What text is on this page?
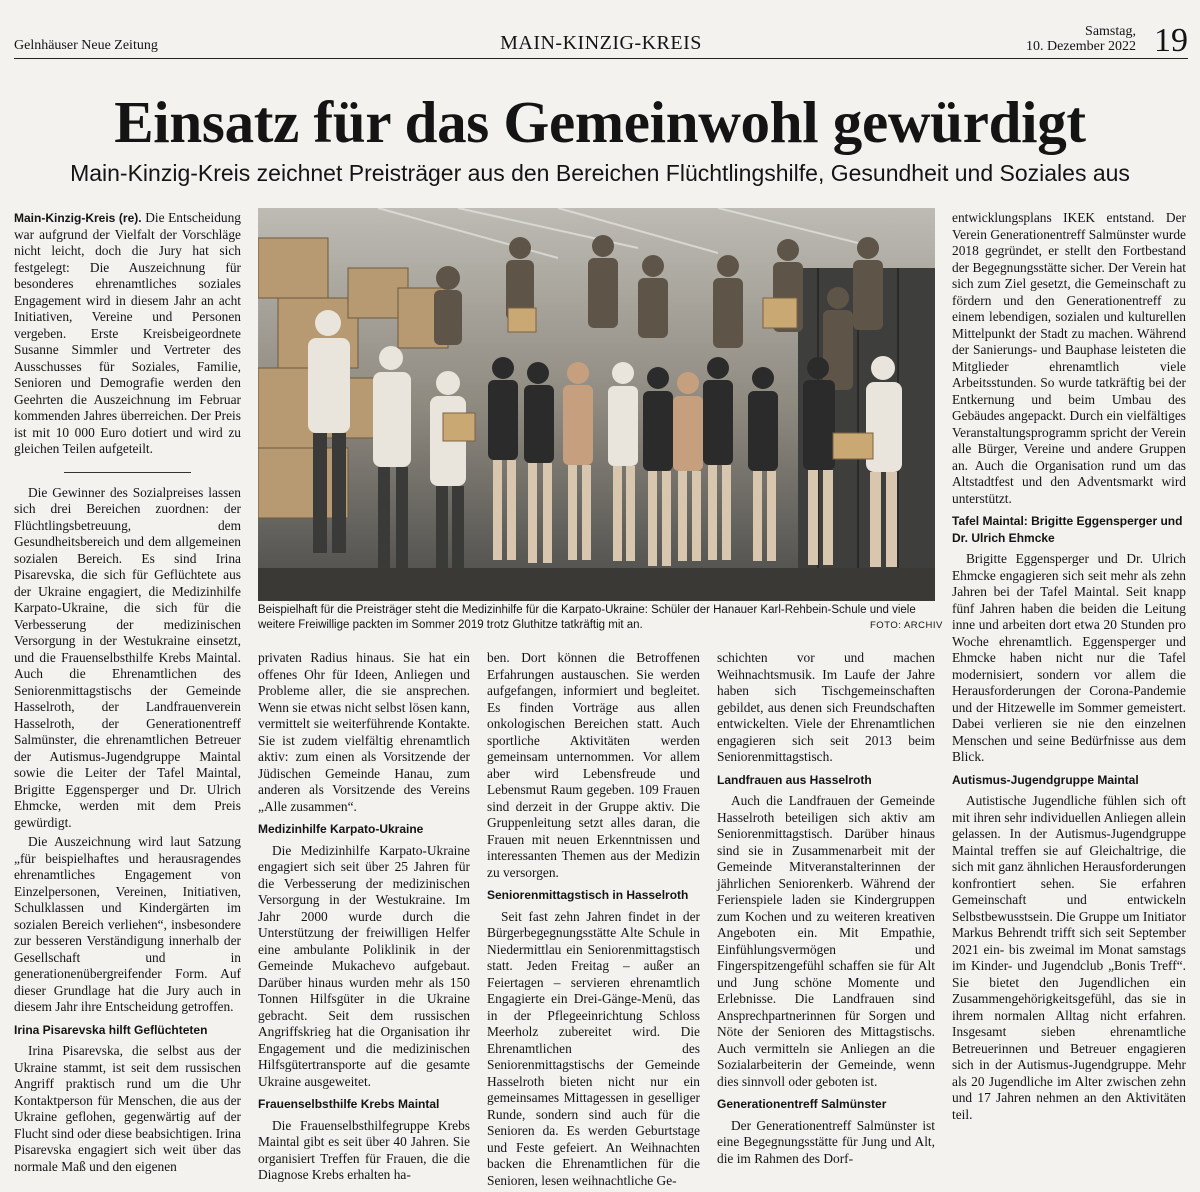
Gelnhäuser Neue Zeitung	MAIN-KINZIG-KREIS
Samstag,
10. Dezember 2022 19
Einsatz für das Gemeinwohl gewürdigt
Main-Kinzig-Kreis zeichnet Preisträger aus den Bereichen Flüchtlingshilfe, Gesundheit und Soziales aus

Main-Kinzig-Kreis (re). Die Entscheidung war aufgrund der Vielfalt der Vorschläge nicht leicht, doch die Jury hat sich festgelegt: Die Auszeichnung für besonderes ehrenamtliches soziales Engagement wird in diesem Jahr an acht Initiativen, Vereine und Personen vergeben. Erste Kreisbeigeordnete Susanne Simmler und Vertreter des Ausschusses für Soziales, Familie, Senioren und Demografie werden den Geehrten die Auszeichnung im Februar kommenden Jahres überreichen. Der Preis ist mit 10 000 Euro dotiert und wird zu gleichen Teilen aufgeteilt.

Die Gewinner des Sozialpreises lassen sich drei Bereichen zuordnen: der Flüchtlingsbetreuung, dem Gesundheitsbereich und dem allgemeinen sozialen Bereich. Es sind Irina Pisarevska, die sich für Geflüchtete aus der Ukraine engagiert, die Medizinhilfe Karpato-Ukraine, die sich für die Verbesserung der medizinischen Versorgung in der Westukraine einsetzt, und die Frauenselbsthilfe Krebs Maintal. Auch die Ehrenamtlichen des Seniorenmittagstischs der Gemeinde Hasselroth, der Landfrauenverein Hasselroth, der Generationentreff Salmünster, die ehrenamtlichen Betreuer der Autismus-Jugendgruppe Maintal sowie die Leiter der Tafel Maintal, Brigitte Eggensperger und Dr. Ulrich Ehmcke, werden mit dem Preis gewürdigt.

Die Auszeichnung wird laut Satzung „für beispielhaftes und herausragendes ehrenamtliches Engagement von Einzelpersonen, Vereinen, Initiativen, Schulklassen und Kindergärten im sozialen Bereich verliehen“, insbesondere zur besseren Verständigung innerhalb der Gesellschaft und in generationenübergreifender Form. Auf dieser Grundlage hat die Jury auch in diesem Jahr ihre Entscheidung getroffen.

Irina Pisarevska hilft Geflüchteten

Irina Pisarevska, die selbst aus der Ukraine stammt, ist seit dem russischen Angriff praktisch rund um die Uhr Kontaktperson für Menschen, die aus der Ukraine geflohen, gegenwärtig auf der Flucht sind oder diese beabsichtigen. Irina Pisarevska engagiert sich weit über das normale Maß und den eigenen

Beispielhaft für die Preisträger steht die Medizinhilfe für die Karpato-Ukraine: Schüler der Hanauer Karl-Rehbein-Schule und viele weitere Freiwillige packten im Sommer 2019 trotz Gluthitze tatkräftig mit an.	FOTO: ARCHIV

privaten Radius hinaus. Sie hat ein offenes Ohr für Ideen, Anliegen und Probleme aller, die sie ansprechen. Wenn sie etwas nicht selbst lösen kann, vermittelt sie weiterführende Kontakte. Sie ist zudem vielfältig ehrenamtlich aktiv: zum einen als Vorsitzende der Jüdischen Gemeinde Hanau, zum anderen als Vorsitzende des Vereins „Alle zusammen“.

Medizinhilfe Karpato-Ukraine

Die Medizinhilfe Karpato-Ukraine engagiert sich seit über 25 Jahren für die Verbesserung der medizinischen Versorgung in der Westukraine. Im Jahr 2000 wurde durch die Unterstützung der freiwilligen Helfer eine ambulante Poliklinik in der Gemeinde Mukachevo aufgebaut. Darüber hinaus wurden mehr als 150 Tonnen Hilfsgüter in die Ukraine gebracht. Seit dem russischen Angriffskrieg hat die Organisation ihr Engagement und die medizinischen Hilfsgütertransporte auf die gesamte Ukraine ausgeweitet.

Frauenselbsthilfe Krebs Maintal

Die Frauenselbsthilfegruppe Krebs Maintal gibt es seit über 40 Jahren. Sie organisiert Treffen für Frauen, die die Diagnose Krebs erhalten ha-

ben. Dort können die Betroffenen Erfahrungen austauschen. Sie werden aufgefangen, informiert und begleitet. Es finden Vorträge aus allen onkologischen Bereichen statt. Auch sportliche Aktivitäten werden gemeinsam unternommen. Vor allem aber wird Lebensfreude und Lebensmut Raum gegeben. 109 Frauen sind derzeit in der Gruppe aktiv. Die Gruppenleitung setzt alles daran, die Frauen mit neuen Erkenntnissen und interessanten Themen aus der Medizin zu versorgen.

Seniorenmittagstisch in Hasselroth

Seit fast zehn Jahren findet in der Bürgerbegegnungsstätte Alte Schule in Niedermittlau ein Seniorenmittagstisch statt. Jeden Freitag – außer an Feiertagen – servieren ehrenamtlich Engagierte ein Drei-Gänge-Menü, das in der Pflegeeinrichtung Schloss Meerholz zubereitet wird. Die Ehrenamtlichen des Seniorenmittagstischs der Gemeinde Hasselroth bieten nicht nur ein gemeinsames Mittagessen in geselliger Runde, sondern sind auch für die Senioren da. Es werden Geburtstage und Feste gefeiert. An Weihnachten backen die Ehrenamtlichen für die Senioren, lesen weihnachtliche Ge-

schichten vor und machen Weihnachtsmusik. Im Laufe der Jahre haben sich Tischgemeinschaften gebildet, aus denen sich Freundschaften entwickelten. Viele der Ehrenamtlichen engagieren sich seit 2013 beim Seniorenmittagstisch.

Landfrauen aus Hasselroth

Auch die Landfrauen der Gemeinde Hasselroth beteiligen sich aktiv am Seniorenmittagstisch. Darüber hinaus sind sie in Zusammenarbeit mit der Gemeinde Mitveranstalterinnen der jährlichen Seniorenkerb. Während der Ferienspiele laden sie Kindergruppen zum Kochen und zu weiteren kreativen Angeboten ein. Mit Empathie, Einfühlungsvermögen und Fingerspitzengefühl schaffen sie für Alt und Jung schöne Momente und Erlebnisse. Die Landfrauen sind Ansprechpartnerinnen für Sorgen und Nöte der Senioren des Mittagstischs. Auch vermitteln sie Anliegen an die Sozialarbeiterin der Gemeinde, wenn dies sinnvoll oder geboten ist.

Generationentreff Salmünster

Der Generationentreff Salmünster ist eine Begegnungsstätte für Jung und Alt, die im Rahmen des Dorf-

entwicklungsplans IKEK entstand. Der Verein Generationentreff Salmünster wurde 2018 gegründet, er stellt den Fortbestand der Begegnungsstätte sicher. Der Verein hat sich zum Ziel gesetzt, die Gemeinschaft zu fördern und den Generationentreff zu einem lebendigen, sozialen und kulturellen Mittelpunkt der Stadt zu machen. Während der Sanierungs- und Bauphase leisteten die Mitglieder ehrenamtlich viele Arbeitsstunden. So wurde tatkräftig bei der Entkernung und beim Umbau des Gebäudes angepackt. Durch ein vielfältiges Veranstaltungsprogramm spricht der Verein alle Bürger, Vereine und andere Gruppen an. Auch die Organisation rund um das Altstadtfest und den Adventsmarkt wird unterstützt.

Tafel Maintal: Brigitte Eggensperger und Dr. Ulrich Ehmcke

Brigitte Eggensperger und Dr. Ulrich Ehmcke engagieren sich seit mehr als zehn Jahren bei der Tafel Maintal. Seit knapp fünf Jahren haben die beiden die Leitung inne und arbeiten dort etwa 20 Stunden pro Woche ehrenamtlich. Eggensperger und Ehmcke haben nicht nur die Tafel modernisiert, sondern vor allem die Herausforderungen der Corona-Pandemie und der Hitzewelle im Sommer gemeistert. Dabei verlieren sie nie den einzelnen Menschen und seine Bedürfnisse aus dem Blick.

Autismus-Jugendgruppe Maintal

Autistische Jugendliche fühlen sich oft mit ihren sehr individuellen Anliegen allein gelassen. In der Autismus-Jugendgruppe Maintal treffen sie auf Gleichaltrige, die sich mit ganz ähnlichen Herausforderungen konfrontiert sehen. Sie erfahren Gemeinschaft und entwickeln Selbstbewusstsein. Die Gruppe um Initiator Markus Behrendt trifft sich seit September 2021 ein- bis zweimal im Monat samstags im Kinder- und Jugendclub „Bonis Treff“. Sie bietet den Jugendlichen ein Zusammengehörigkeitsgefühl, das sie in ihrem normalen Alltag nicht erfahren. Insgesamt sieben ehrenamtliche Betreuerinnen und Betreuer engagieren sich in der Autismus-Jugendgruppe. Mehr als 20 Jugendliche im Alter zwischen zehn und 17 Jahren nehmen an den Aktivitäten teil.
